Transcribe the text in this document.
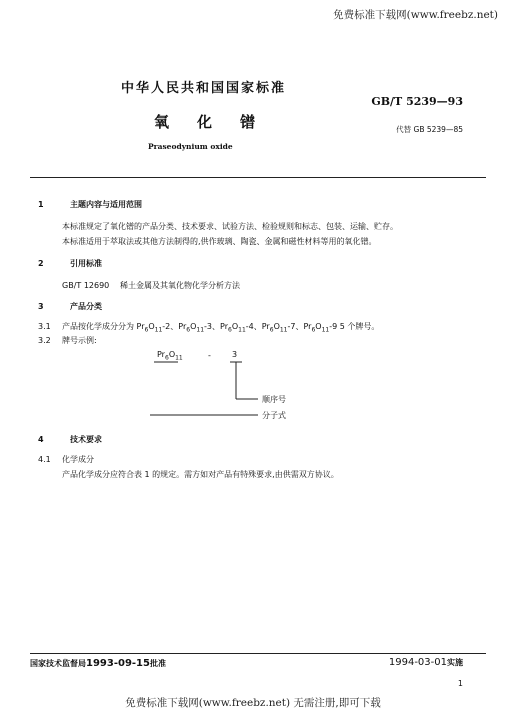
免费标准下载网(www.freebz.net)
中华人民共和国国家标准
GB/T 5239—93
氧化镨	代替 GB 5239—85
Praseodynium oxide
1	主题内容与适用范围
本标准规定了氧化镨的产品分类、技术要求、试验方法、检验规则和标志、包装、运输、贮存。
本标准适用于萃取法或其他方法制得的,供作玻璃、陶瓷、金属和磁性材料等用的氧化镨。
2	引用标准
GB/T 12690 稀土金属及其氧化物化学分析方法
3	产品分类
3.1 产品按化学成分分为 $Pr_6O_{11}-2$、$Pr_6O_{11}-3$、$Pr_6O_{11}-4$、$Pr_6O_{11}-7$、$Pr_6O_{11}-9$ 5 个牌号。
3.2 牌号示例:
$Pr_6O_{11}$	-	3
顺序号
分子式
4	技术要求
4.1 化学成分
产品化学成分应符合表 1 的规定。需方如对产品有特殊要求,由供需双方协议。
国家技术监督局1993-09-15批准	1994-03-01实施
1
免费标准下载网(www.freebz.net) 无需注册,即可下载
